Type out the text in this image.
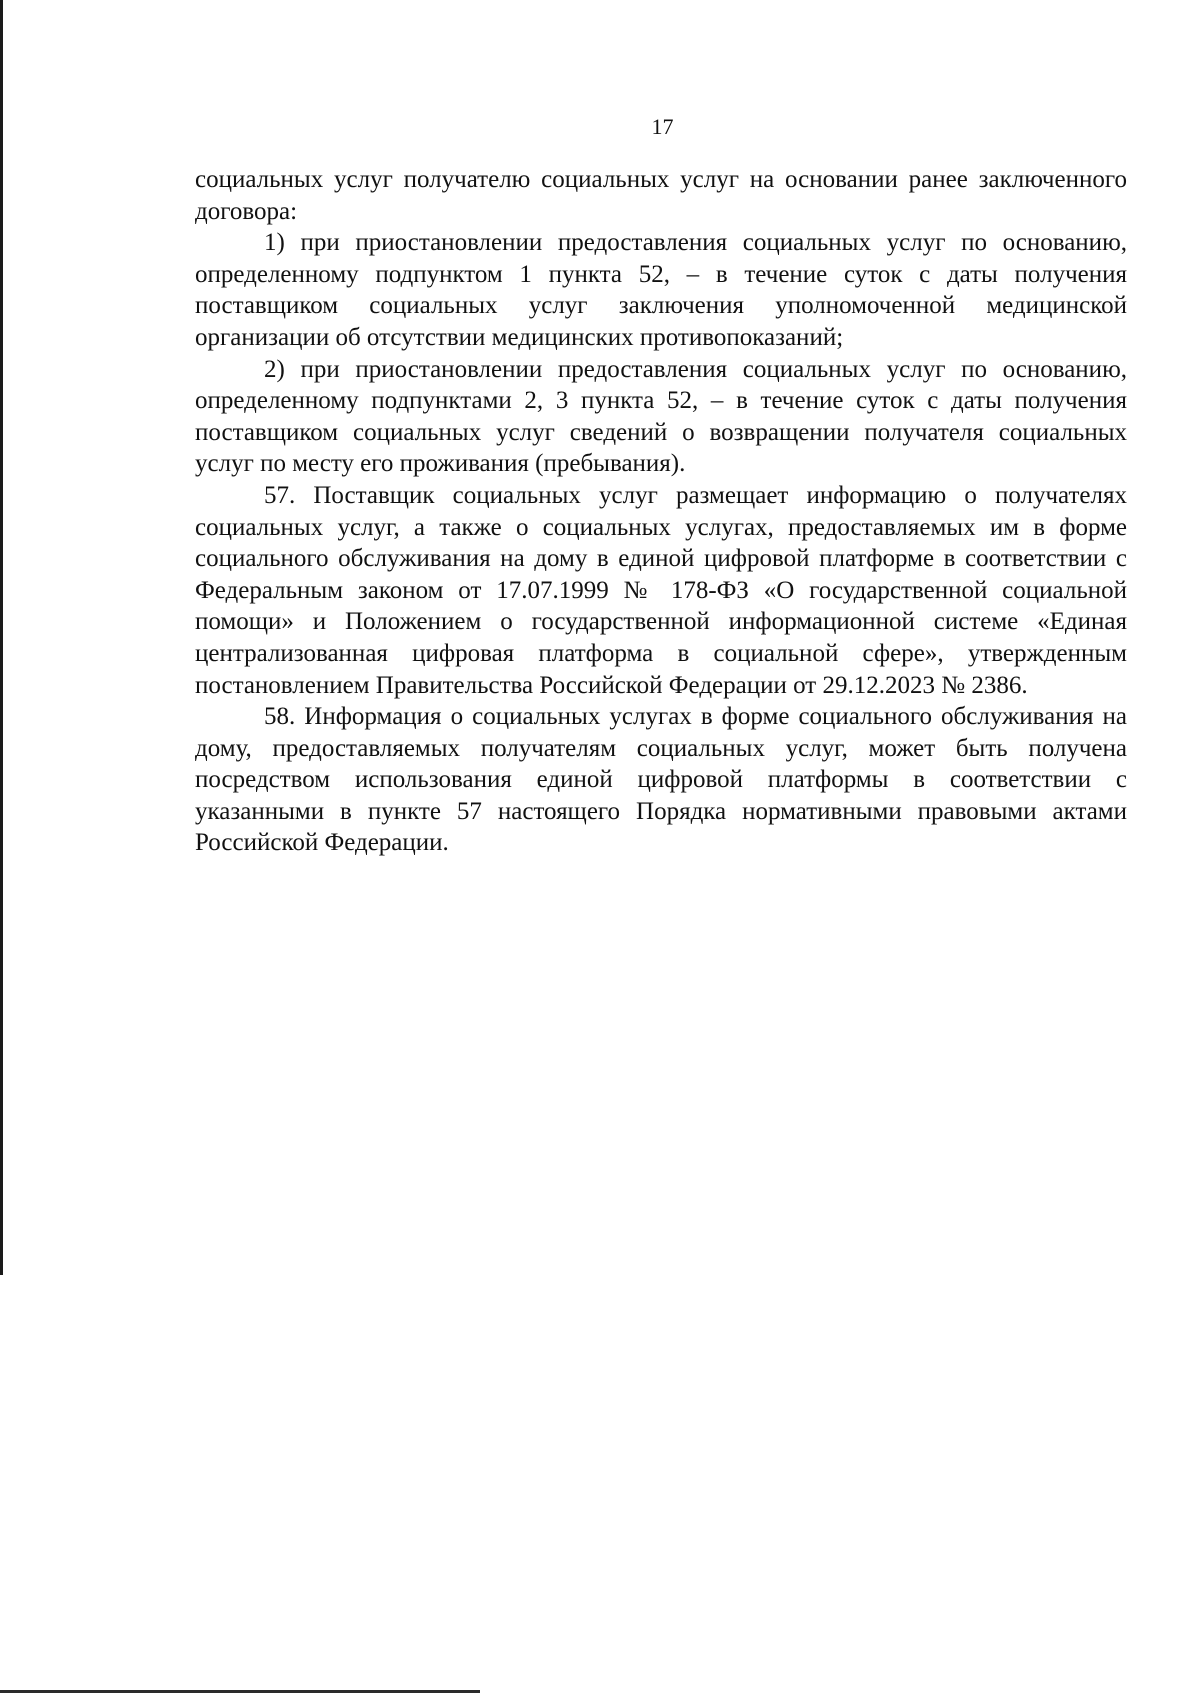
17

социальных услуг получателю социальных услуг на основании ранее заключенного договора:

1) при приостановлении предоставления социальных услуг по основанию, определенному подпунктом 1 пункта 52, – в течение суток с даты получения поставщиком социальных услуг заключения уполномоченной медицинской организации об отсутствии медицинских противопоказаний;

2) при приостановлении предоставления социальных услуг по основанию, определенному подпунктами 2, 3 пункта 52, – в течение суток с даты получения поставщиком социальных услуг сведений о возвращении получателя социальных услуг по месту его проживания (пребывания).

57. Поставщик социальных услуг размещает информацию о получателях социальных услуг, а также о социальных услугах, предоставляемых им в форме социального обслуживания на дому в единой цифровой платформе в соответствии с Федеральным законом от 17.07.1999 № 178-ФЗ «О государственной социальной помощи» и Положением о государственной информационной системе «Единая централизованная цифровая платформа в социальной сфере», утвержденным постановлением Правительства Российской Федерации от 29.12.2023 № 2386.

58. Информация о социальных услугах в форме социального обслуживания на дому, предоставляемых получателям социальных услуг, может быть получена посредством использования единой цифровой платформы в соответствии с указанными в пункте 57 настоящего Порядка нормативными правовыми актами Российской Федерации.
